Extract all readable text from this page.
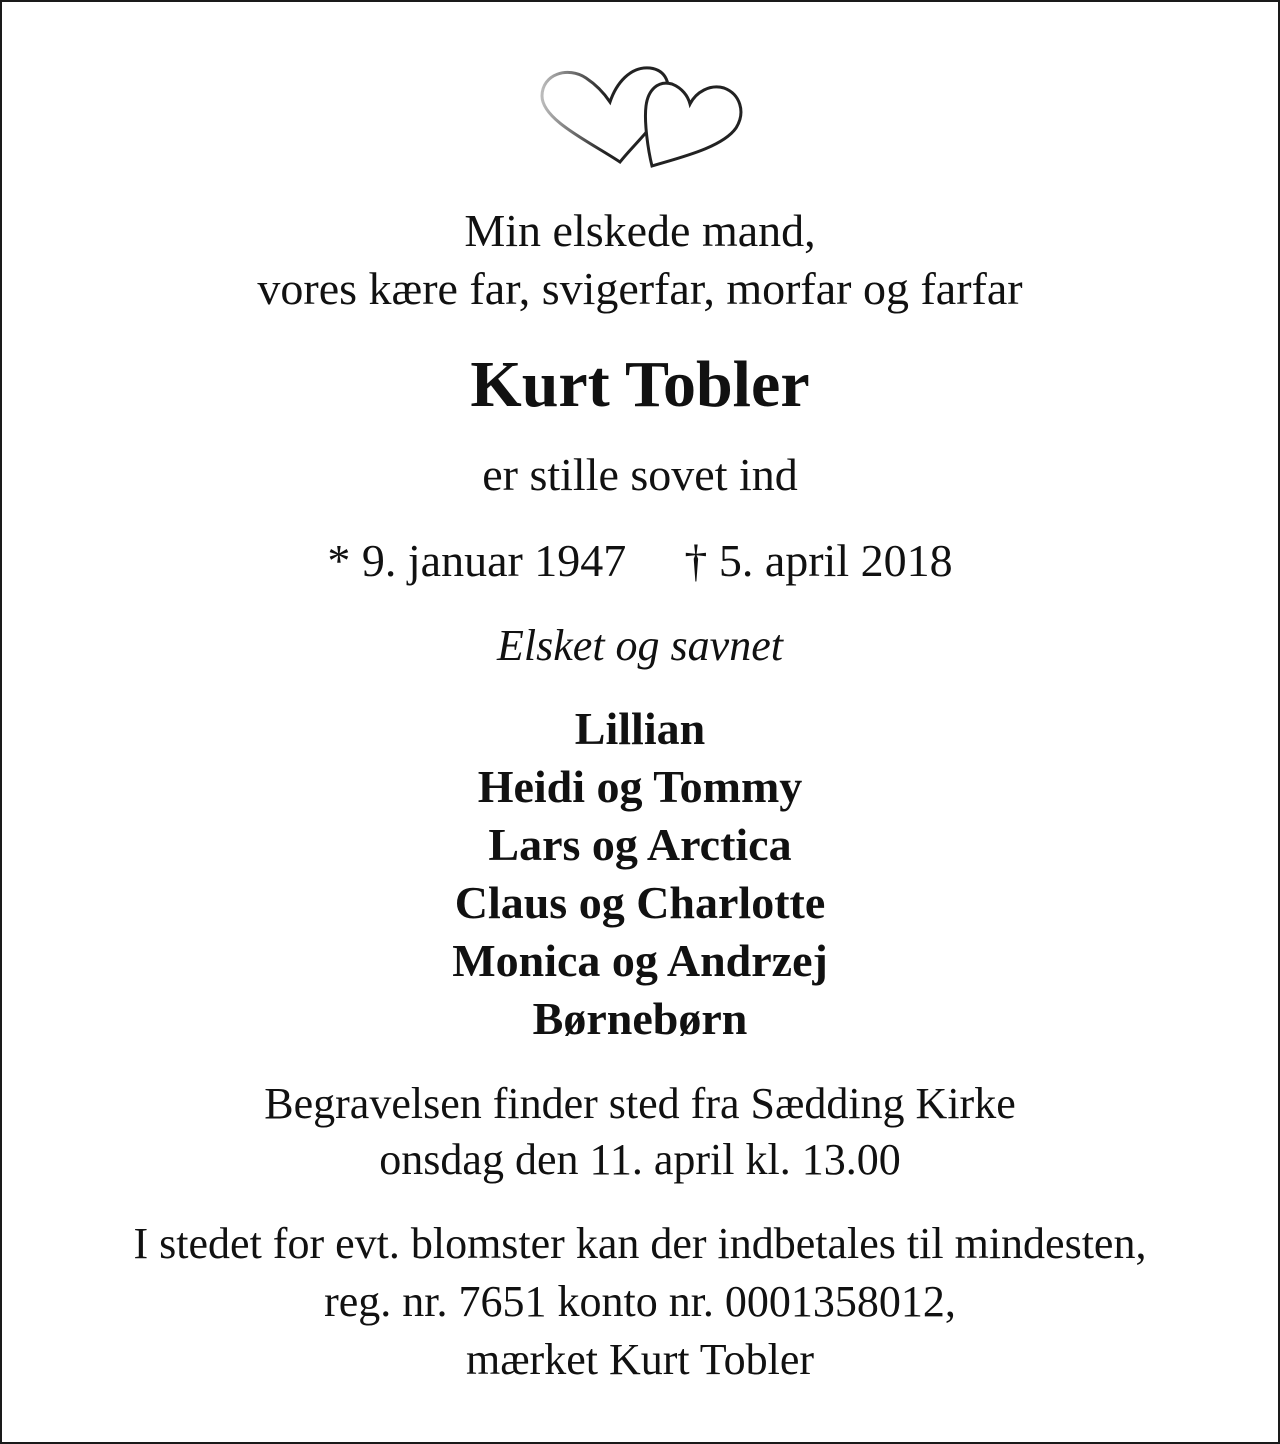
Min elskede mand,
vores kære far, svigerfar, morfar og farfar
Kurt Tobler
er stille sovet ind
* 9. januar 1947 † 5. april 2018
Elsket og savnet
Lillian
Heidi og Tommy
Lars og Arctica
Claus og Charlotte
Monica og Andrzej
Børnebørn
Begravelsen finder sted fra Sædding Kirke
onsdag den 11. april kl. 13.00
I stedet for evt. blomster kan der indbetales til mindesten,
reg. nr. 7651 konto nr. 0001358012,
mærket Kurt Tobler
